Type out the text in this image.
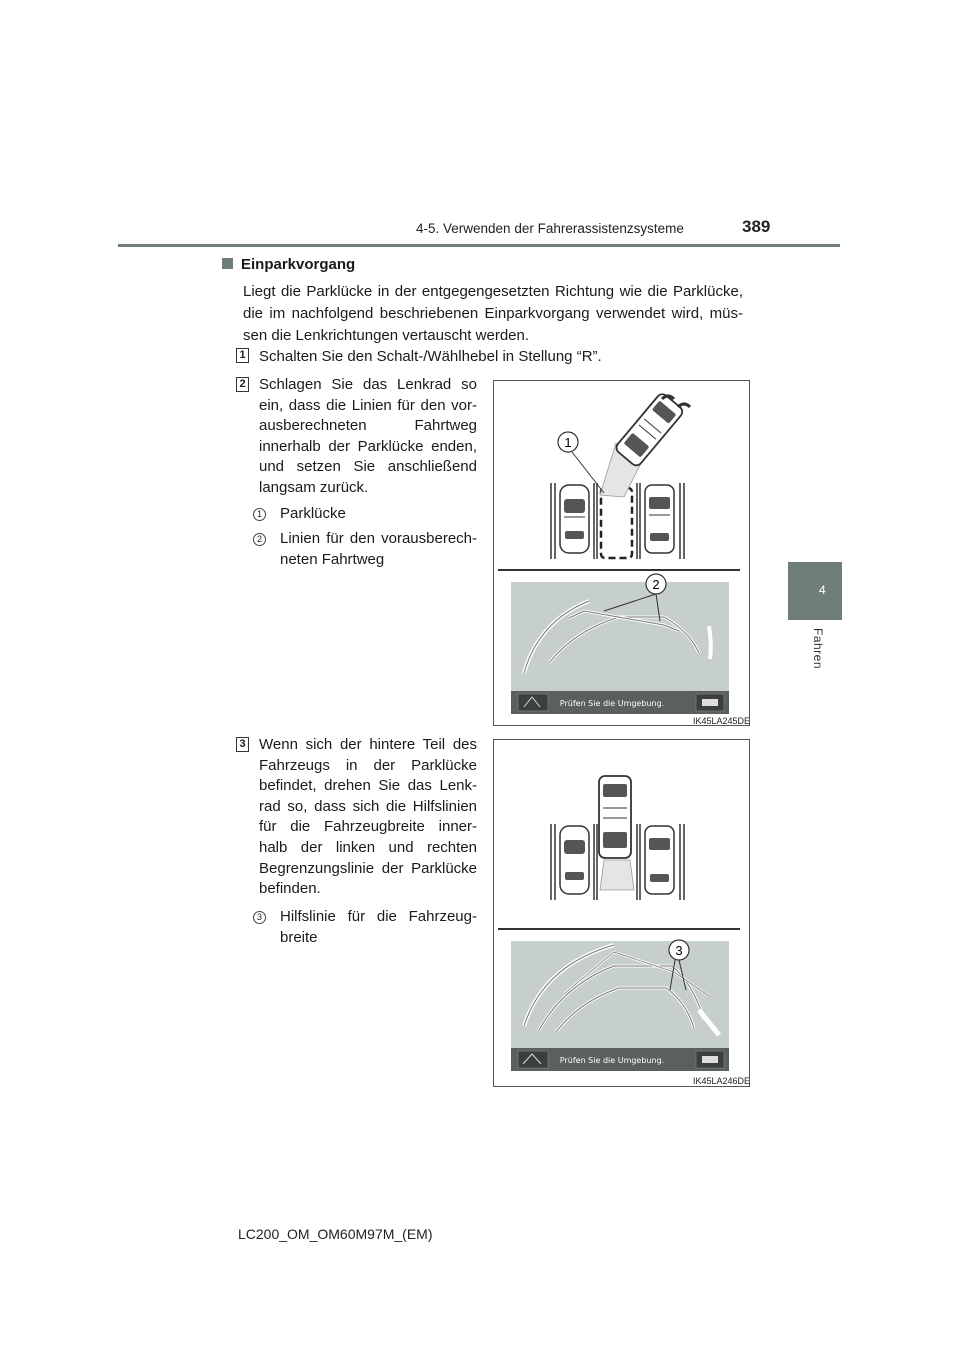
4-5. Verwenden der Fahrerassistenzsysteme	389
4
Fahren
Einparkvorgang
Liegt die Parklücke in der entgegengesetzten Richtung wie die Parklücke, die im nachfolgend beschriebenen Einparkvorgang verwendet wird, müs- sen die Lenkrichtungen vertauscht werden.
1 Schalten Sie den Schalt-/Wählhebel in Stellung “R”.
2 Schlagen Sie das Lenkrad so ein, dass die Linien für den vor- ausberechneten Fahrtweg innerhalb der Parklücke enden, und setzen Sie anschließend langsam zurück.
1 Parklücke
2 Linien für den vorausberech- neten Fahrtweg
1
2
Prüfen Sie die Umgebung.
IK45LA245DE
3 Wenn sich der hintere Teil des Fahrzeugs in der Parklücke befindet, drehen Sie das Lenk- rad so, dass sich die Hilfslinien für die Fahrzeugbreite inner- halb der linken und rechten Begrenzungslinie der Parklücke befinden.
3 Hilfslinie für die Fahrzeug- breite
3
Prüfen Sie die Umgebung.
IK45LA246DE
LC200_OM_OM60M97M_(EM)
